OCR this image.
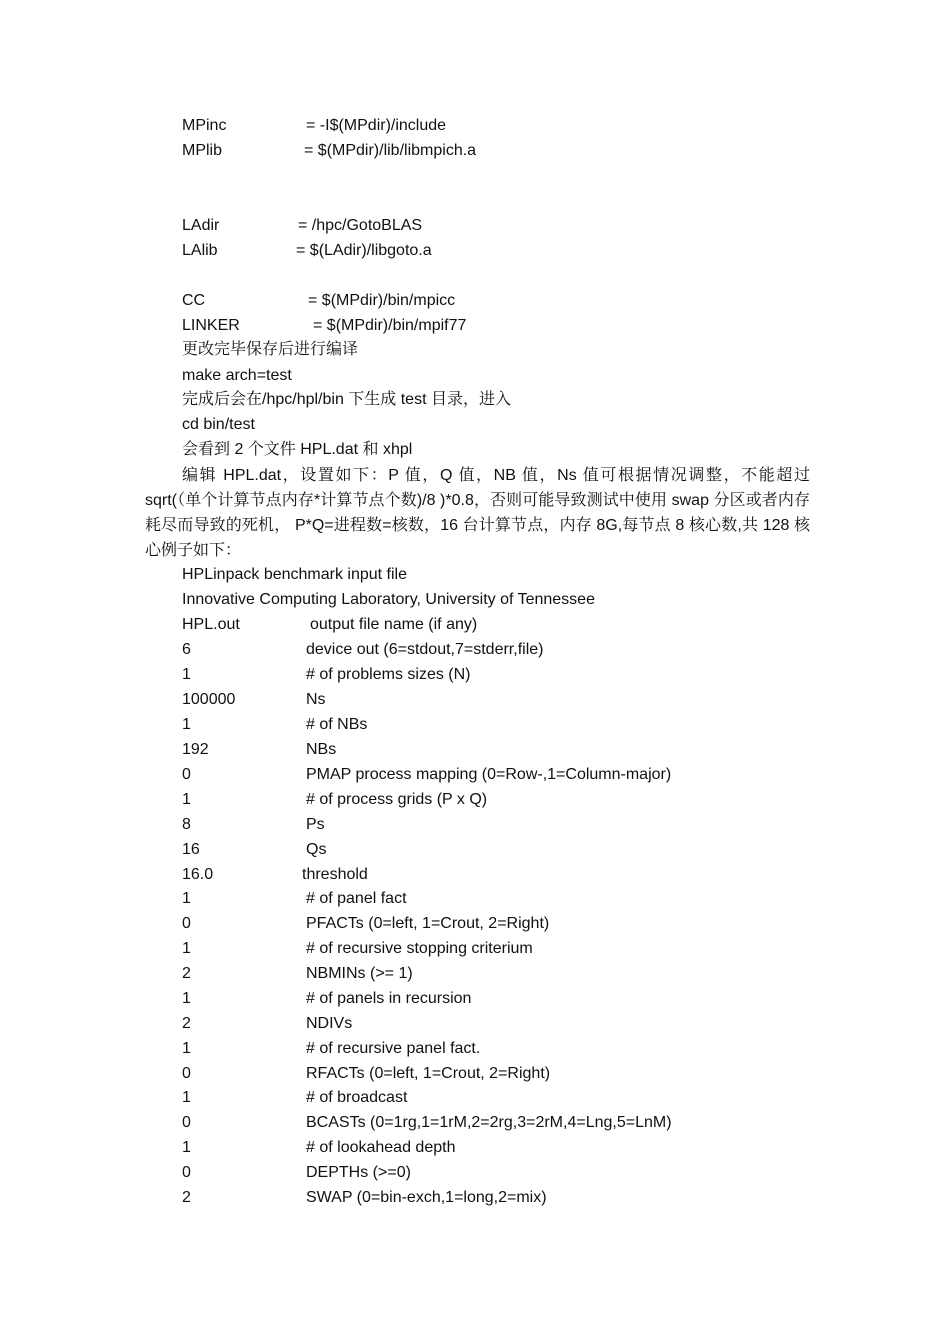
MPinc	= -I$(MPdir)/include
MPlib	= $(MPdir)/lib/libmpich.a
LAdir	= /hpc/GotoBLAS
LAlib	= $(LAdir)/libgoto.a
CC	= $(MPdir)/bin/mpicc
LINKER	= $(MPdir)/bin/mpif77
更改完毕保存后进行编译
make arch=test
完成后会在/hpc/hpl/bin 下生成 test 目录，进入
cd bin/test
会看到 2 个文件 HPL.dat 和 xhpl
编辑 HPL.dat，设置如下：P 值，Q 值，NB 值，Ns 值可根据情况调整，不能超过 sqrt(（单个计算节点内存*计算节点个数)/8 )*0.8，否则可能导致测试中使用 swap 分区或者内存耗尽而导致的死机， P*Q=进程数=核数，16 台计算节点，内存 8G,每节点 8 核心数,共 128 核心例子如下：
HPLinpack benchmark input file
Innovative Computing Laboratory, University of Tennessee
HPL.out	output file name (if any)
6	device out (6=stdout,7=stderr,file)
1	# of problems sizes (N)
100000	Ns
1	# of NBs
192	NBs
0	PMAP process mapping (0=Row-,1=Column-major)
1	# of process grids (P x Q)
8	Ps
16	Qs
16.0	threshold
1	# of panel fact
0	PFACTs (0=left, 1=Crout, 2=Right)
1	# of recursive stopping criterium
2	NBMINs (>= 1)
1	# of panels in recursion
2	NDIVs
1	# of recursive panel fact.
0	RFACTs (0=left, 1=Crout, 2=Right)
1	# of broadcast
0	BCASTs (0=1rg,1=1rM,2=2rg,3=2rM,4=Lng,5=LnM)
1	# of lookahead depth
0	DEPTHs (>=0)
2	SWAP (0=bin-exch,1=long,2=mix)
